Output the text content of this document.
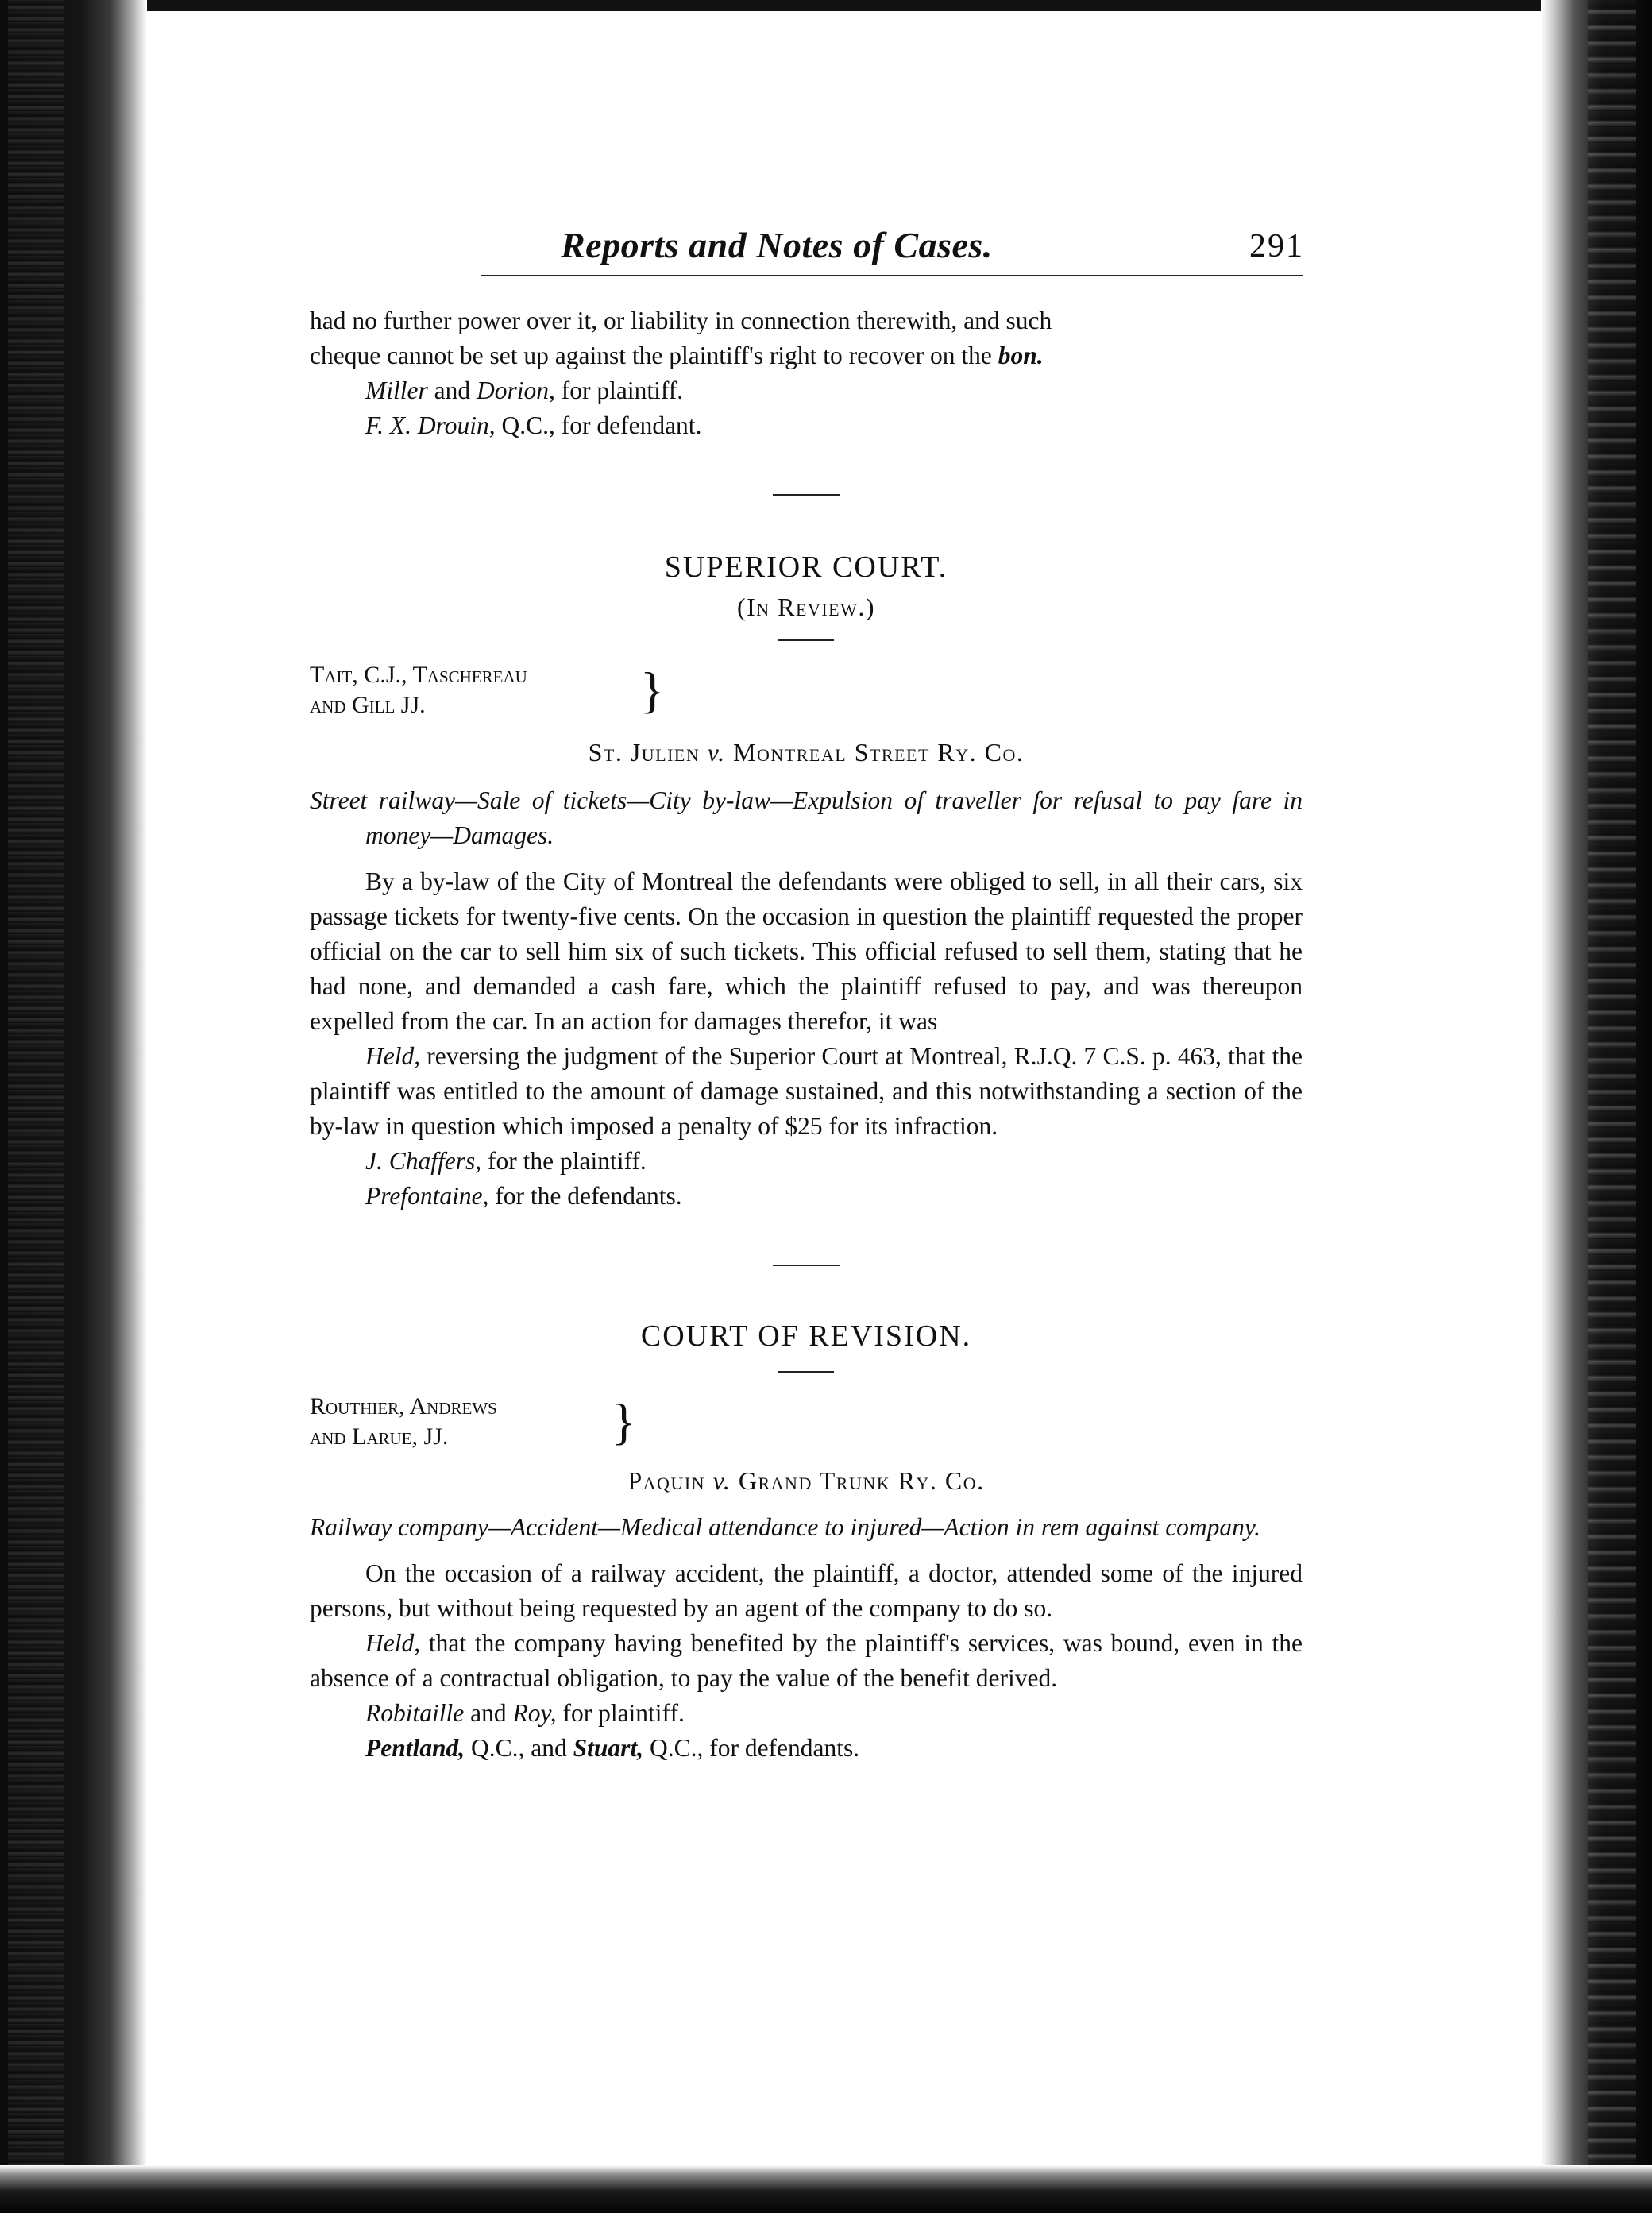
Reports and Notes of Cases.	291

had no further power over it, or liability in connection therewith, and such

cheque cannot be set up against the plaintiff's right to recover on the bon.

Miller and Dorion, for plaintiff.

F. X. Drouin, Q.C., for defendant.

SUPERIOR COURT.

(In Review.)

Tait, C.J., Taschereau
and Gill JJ.	}

St. Julien v. Montreal Street Ry. Co.

Street railway—Sale of tickets—City by-law—Expulsion of traveller for refusal to pay fare in money—Damages.

By a by-law of the City of Montreal the defendants were obliged to sell, in all their cars, six passage tickets for twenty-five cents. On the occasion in question the plaintiff requested the proper official on the car to sell him six of such tickets. This official refused to sell them, stating that he had none, and demanded a cash fare, which the plaintiff refused to pay, and was thereupon expelled from the car. In an action for damages therefor, it was

Held, reversing the judgment of the Superior Court at Montreal, R.J.Q. 7 C.S. p. 463, that the plaintiff was entitled to the amount of damage sustained, and this notwithstanding a section of the by-law in question which imposed a penalty of $25 for its infraction.

J. Chaffers, for the plaintiff.

Prefontaine, for the defendants.

COURT OF REVISION.

Routhier, Andrews
and Larue, JJ.	}

Paquin v. Grand Trunk Ry. Co.

Railway company—Accident—Medical attendance to injured—Action in rem against company.

On the occasion of a railway accident, the plaintiff, a doctor, attended some of the injured persons, but without being requested by an agent of the company to do so.

Held, that the company having benefited by the plaintiff's services, was bound, even in the absence of a contractual obligation, to pay the value of the benefit derived.

Robitaille and Roy, for plaintiff.

Pentland, Q.C., and Stuart, Q.C., for defendants.
